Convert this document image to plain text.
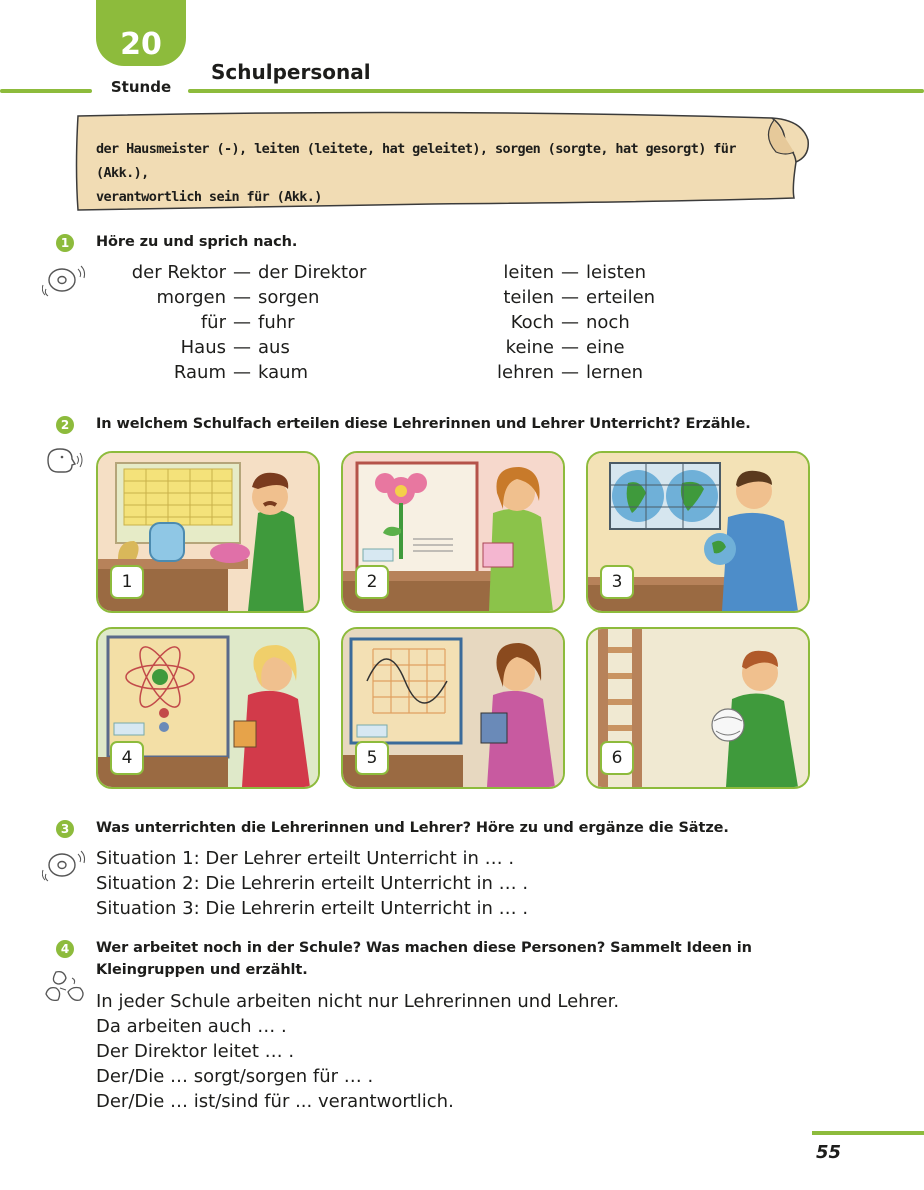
20
Stunde
Schulpersonal
der Hausmeister (-), leiten (leitete, hat geleitet), sorgen (sorgte, hat gesorgt) für (Akk.),
verantwortlich sein für (Akk.)
1	Höre zu und sprich nach.
der Rektor — der Direktor
morgen — sorgen
für — fuhr
Haus — aus
Raum — kaum
leiten — leisten
teilen — erteilen
Koch — noch
keine — eine
lehren — lernen
2	In welchem Schulfach erteilen diese Lehrerinnen und Lehrer Unterricht? Erzähle.
1	2	3
4	5	6
3	Was unterrichten die Lehrerinnen und Lehrer? Höre zu und ergänze die Sätze.
Situation 1: Der Lehrer erteilt Unterricht in … .
Situation 2: Die Lehrerin erteilt Unterricht in … .
Situation 3: Die Lehrerin erteilt Unterricht in … .
4	Wer arbeitet noch in der Schule? Was machen diese Personen? Sammelt Ideen in
Kleingruppen und erzählt.
In jeder Schule arbeiten nicht nur Lehrerinnen und Lehrer.
Da arbeiten auch … .
Der Direktor leitet … .
Der/Die … sorgt/sorgen für … .
Der/Die … ist/sind für ... verantwortlich.
55
